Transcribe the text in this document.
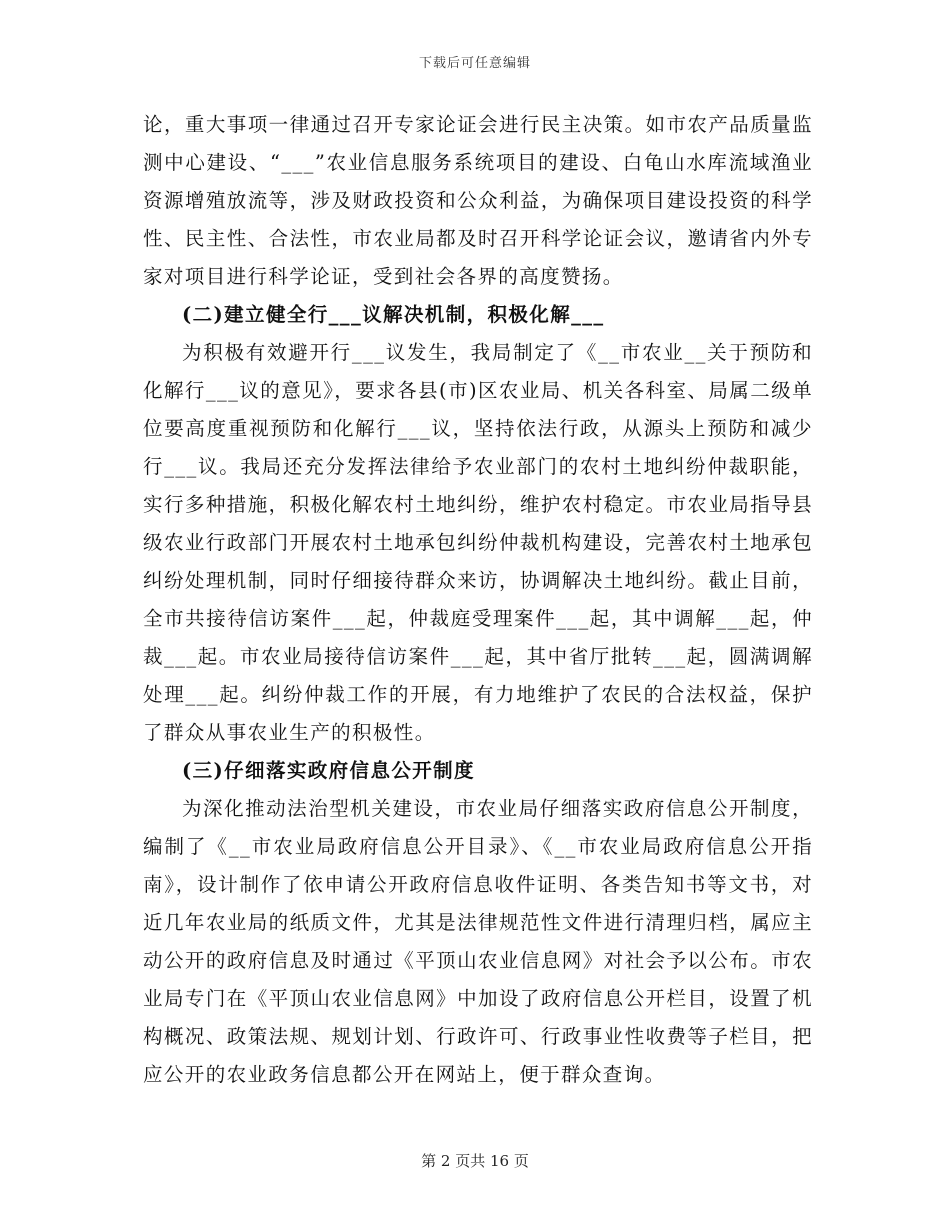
下载后可任意编辑

论，重大事项一律通过召开专家论证会进行民主决策。如市农产品质量监测中心建设、“___”农业信息服务系统项目的建设、白龟山水库流域渔业资源增殖放流等，涉及财政投资和公众利益，为确保项目建设投资的科学性、民主性、合法性，市农业局都及时召开科学论证会议，邀请省内外专家对项目进行科学论证，受到社会各界的高度赞扬。

(二)建立健全行___议解决机制，积极化解___

为积极有效避开行___议发生，我局制定了《__市农业__关于预防和化解行___议的意见》，要求各县(市)区农业局、机关各科室、局属二级单位要高度重视预防和化解行___议，坚持依法行政，从源头上预防和减少行___议。我局还充分发挥法律给予农业部门的农村土地纠纷仲裁职能，实行多种措施，积极化解农村土地纠纷，维护农村稳定。市农业局指导县级农业行政部门开展农村土地承包纠纷仲裁机构建设，完善农村土地承包纠纷处理机制，同时仔细接待群众来访，协调解决土地纠纷。截止目前，全市共接待信访案件___起，仲裁庭受理案件___起，其中调解___起，仲裁___起。市农业局接待信访案件___起，其中省厅批转___起，圆满调解处理___起。纠纷仲裁工作的开展，有力地维护了农民的合法权益，保护了群众从事农业生产的积极性。

(三)仔细落实政府信息公开制度

为深化推动法治型机关建设，市农业局仔细落实政府信息公开制度，编制了《__市农业局政府信息公开目录》、《__市农业局政府信息公开指南》，设计制作了依申请公开政府信息收件证明、各类告知书等文书，对近几年农业局的纸质文件，尤其是法律规范性文件进行清理归档，属应主动公开的政府信息及时通过《平顶山农业信息网》对社会予以公布。市农业局专门在《平顶山农业信息网》中加设了政府信息公开栏目，设置了机构概况、政策法规、规划计划、行政许可、行政事业性收费等子栏目，把应公开的农业政务信息都公开在网站上，便于群众查询。

第 2 页共 16 页
